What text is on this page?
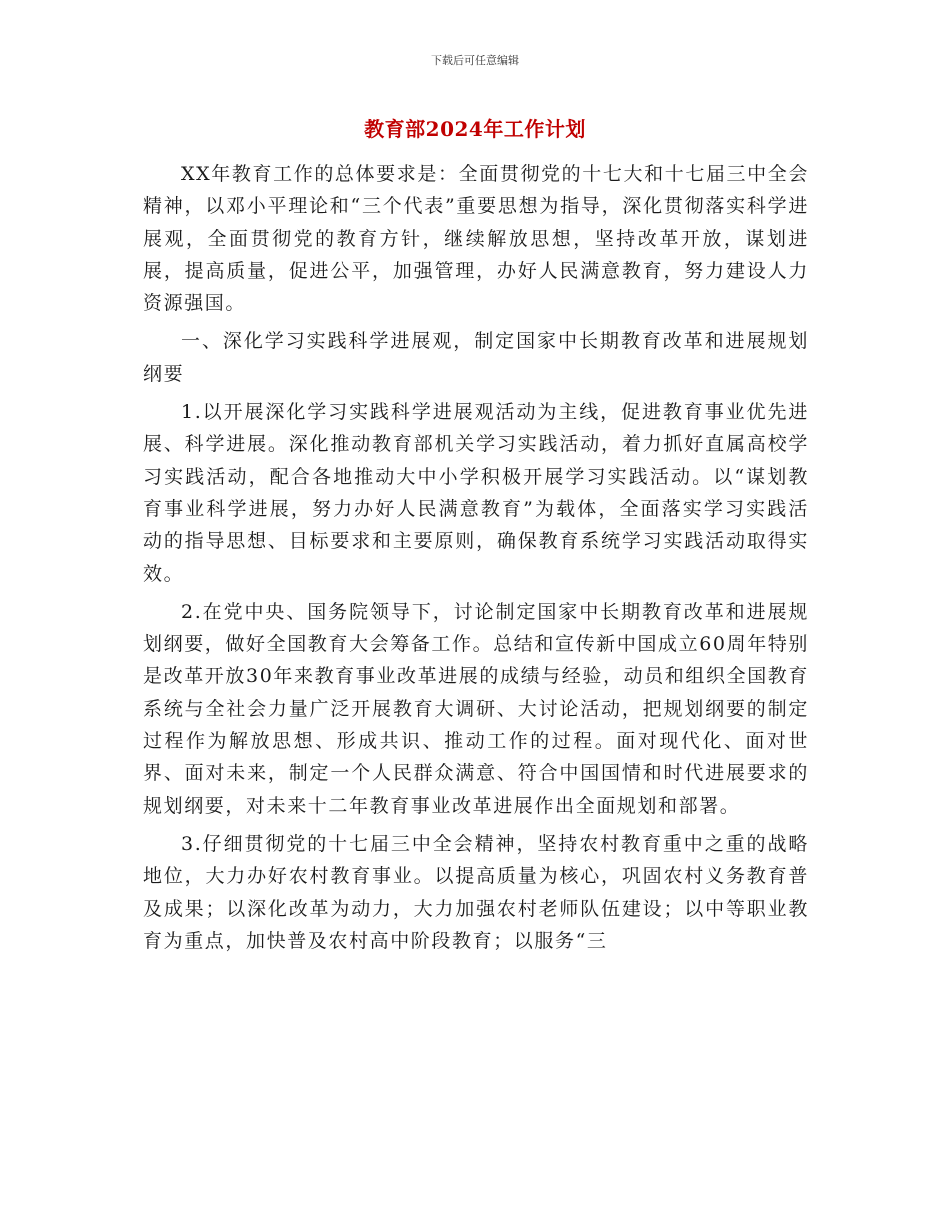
下载后可任意编辑
教育部2024年工作计划

XX年教育工作的总体要求是：全面贯彻党的十七大和十七届三中全会精神，以邓小平理论和“三个代表”重要思想为指导，深化贯彻落实科学进展观，全面贯彻党的教育方针，继续解放思想，坚持改革开放，谋划进展，提高质量，促进公平，加强管理，办好人民满意教育，努力建设人力资源强国。

一、深化学习实践科学进展观，制定国家中长期教育改革和进展规划纲要

1.以开展深化学习实践科学进展观活动为主线，促进教育事业优先进展、科学进展。深化推动教育部机关学习实践活动，着力抓好直属高校学习实践活动，配合各地推动大中小学积极开展学习实践活动。以“谋划教育事业科学进展，努力办好人民满意教育”为载体，全面落实学习实践活动的指导思想、目标要求和主要原则，确保教育系统学习实践活动取得实效。

2.在党中央、国务院领导下，讨论制定国家中长期教育改革和进展规划纲要，做好全国教育大会筹备工作。总结和宣传新中国成立60周年特别是改革开放30年来教育事业改革进展的成绩与经验，动员和组织全国教育系统与全社会力量广泛开展教育大调研、大讨论活动，把规划纲要的制定过程作为解放思想、形成共识、推动工作的过程。面对现代化、面对世界、面对未来，制定一个人民群众满意、符合中国国情和时代进展要求的规划纲要，对未来十二年教育事业改革进展作出全面规划和部署。

3.仔细贯彻党的十七届三中全会精神，坚持农村教育重中之重的战略地位，大力办好农村教育事业。以提高质量为核心，巩固农村义务教育普及成果；以深化改革为动力，大力加强农村老师队伍建设；以中等职业教育为重点，加快普及农村高中阶段教育；以服务“三
